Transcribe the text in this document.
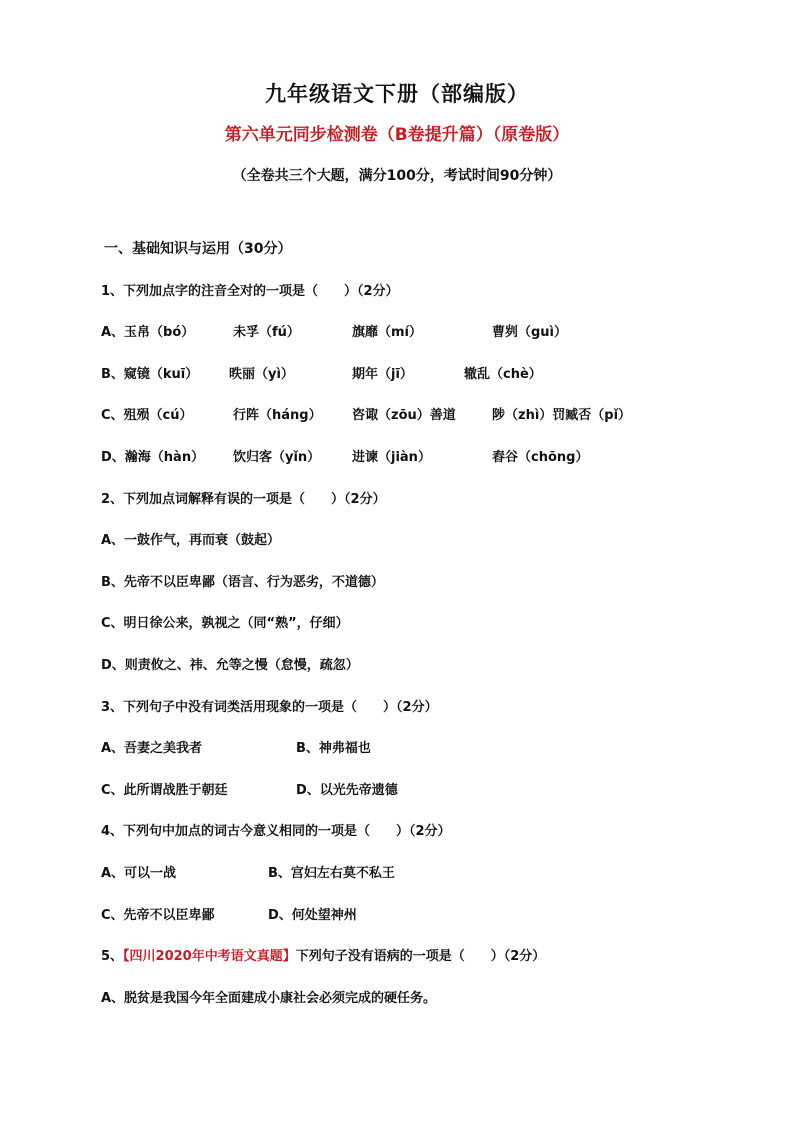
九年级语文下册（部编版）
第六单元同步检测卷（B卷提升篇）（原卷版）
（全卷共三个大题，满分100分，考试时间90分钟）
一、基础知识与运用（30分）
1、下列加点字的注音全对的一项是（　　）（2分）
A、玉帛（bó）	未孚（fú）	旗靡（mí）	曹刿（guì）
B、窥镜（kuī） 昳丽（yì）	期年（jī）	辙乱（chè）
C、殂殒（cú）	行阵（háng） 咨诹（zōu）善道	陟（zhì）罚臧否（pǐ）
D、瀚海（hàn） 饮归客（yǐn） 进谏（jiàn）	舂谷（chōng）
2、下列加点词解释有误的一项是（　　）（2分）
A、一鼓作气，再而衰（鼓起）
B、先帝不以臣卑鄙（语言、行为恶劣，不道德）
C、明日徐公来，孰视之（同“熟”，仔细）
D、则责攸之、祎、允等之慢（怠慢，疏忽）
3、下列句子中没有词类活用现象的一项是（　　）（2分）
A、吾妻之美我者	B、神弗福也
C、此所谓战胜于朝廷	D、以光先帝遗德
4、下列句中加点的词古今意义相同的一项是（　　）（2分）
A、可以一战	B、宫妇左右莫不私王
C、先帝不以臣卑鄙	D、何处望神州
5、【四川2020年中考语文真题】下列句子没有语病的一项是（　　）（2分）
A、脱贫是我国今年全面建成小康社会必须完成的硬任务。
